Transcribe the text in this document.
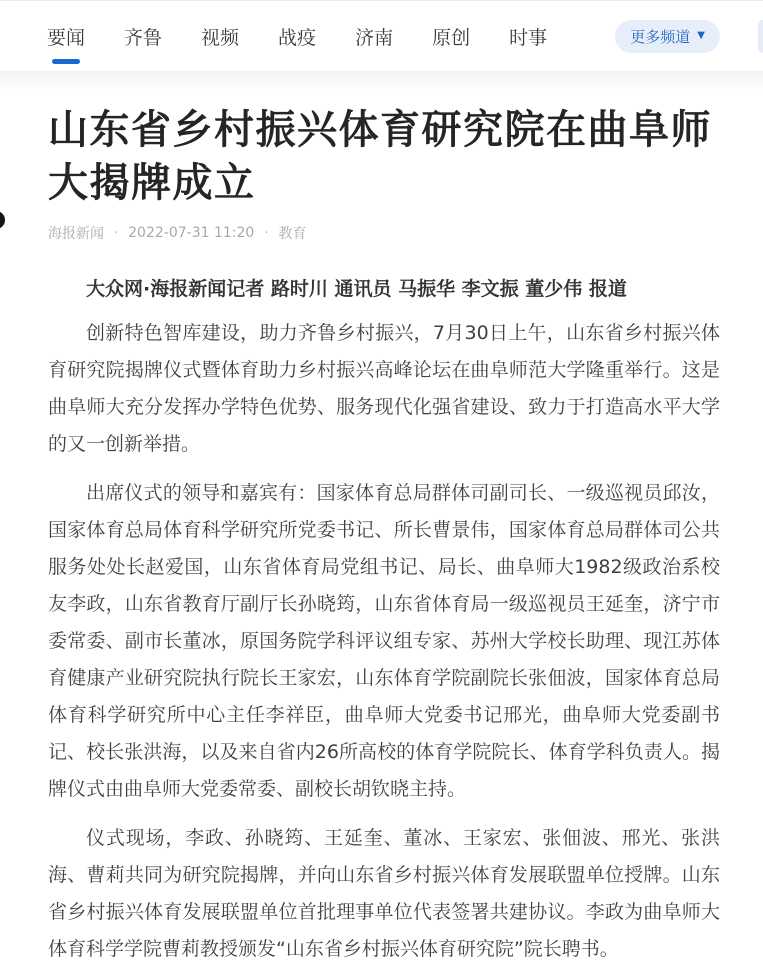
要闻 齐鲁 视频 战疫 济南 原创 时事	更多频道 ▼
山东省乡村振兴体育研究院在曲阜师大揭牌成立
海报新闻 · 2022-07-31 11:20 · 教育

大众网·海报新闻记者 路时川 通讯员 马振华 李文振 董少伟 报道

创新特色智库建设，助力齐鲁乡村振兴，7月30日上午，山东省乡村振兴体育研究院揭牌仪式暨体育助力乡村振兴高峰论坛在曲阜师范大学隆重举行。这是曲阜师大充分发挥办学特色优势、服务现代化强省建设、致力于打造高水平大学的又一创新举措。

出席仪式的领导和嘉宾有：国家体育总局群体司副司长、一级巡视员邱汝，国家体育总局体育科学研究所党委书记、所长曹景伟，国家体育总局群体司公共服务处处长赵爱国，山东省体育局党组书记、局长、曲阜师大1982级政治系校友李政，山东省教育厅副厅长孙晓筠，山东省体育局一级巡视员王延奎，济宁市委常委、副市长董冰，原国务院学科评议组专家、苏州大学校长助理、现江苏体育健康产业研究院执行院长王家宏，山东体育学院副院长张佃波，国家体育总局体育科学研究所中心主任李祥臣，曲阜师大党委书记邢光，曲阜师大党委副书记、校长张洪海，以及来自省内26所高校的体育学院院长、体育学科负责人。揭牌仪式由曲阜师大党委常委、副校长胡钦晓主持。

仪式现场，李政、孙晓筠、王延奎、董冰、王家宏、张佃波、邢光、张洪海、曹莉共同为研究院揭牌，并向山东省乡村振兴体育发展联盟单位授牌。山东省乡村振兴体育发展联盟单位首批理事单位代表签署共建协议。李政为曲阜师大体育科学学院曹莉教授颁发“山东省乡村振兴体育研究院”院长聘书。
